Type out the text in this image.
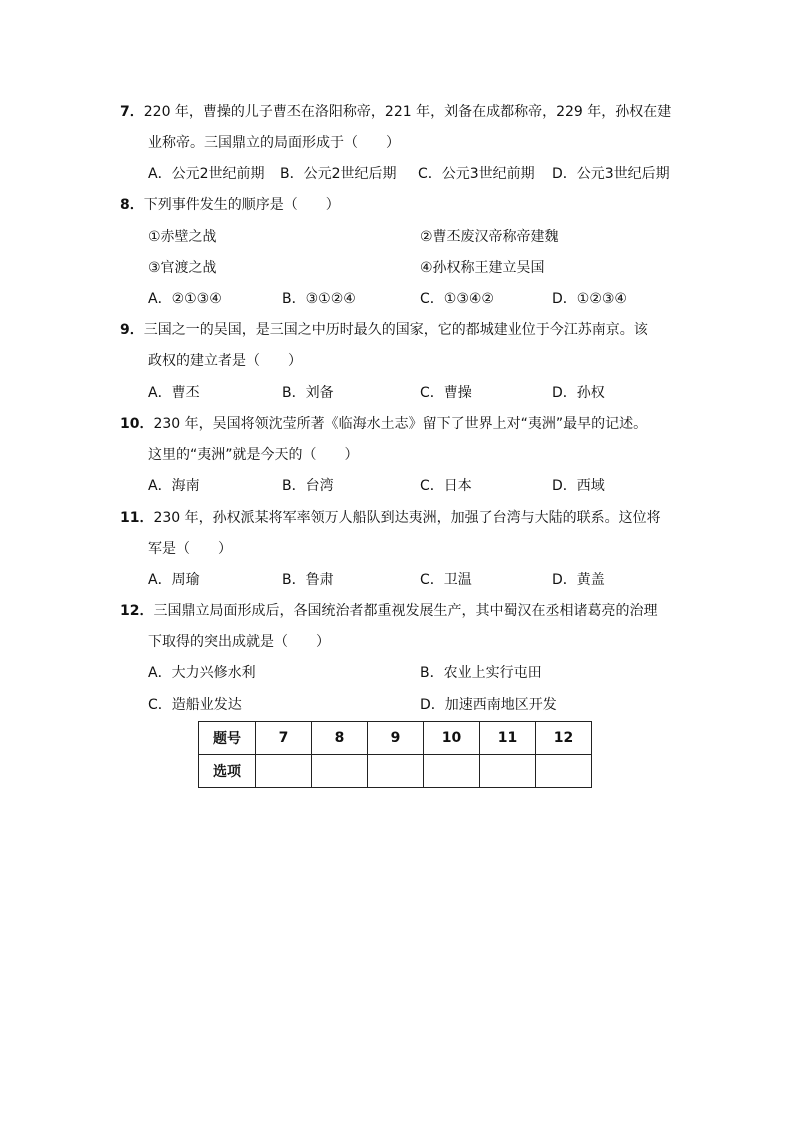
7．220 年，曹操的儿子曹丕在洛阳称帝，221 年，刘备在成都称帝，229 年，孙权在建
业称帝。三国鼎立的局面形成于（　　）
A．公元2世纪前期 B．公元2世纪后期 C．公元3世纪前期 D．公元3世纪后期
8．下列事件发生的顺序是（　　）
①赤壁之战	②曹丕废汉帝称帝建魏
③官渡之战	④孙权称王建立吴国
A．②①③④	B．③①②④	C．①③④②	D．①②③④
9．三国之一的吴国，是三国之中历时最久的国家，它的都城建业位于今江苏南京。该
政权的建立者是（　　）
A．曹丕	B．刘备	C．曹操	D．孙权
10．230 年，吴国将领沈莹所著《临海水土志》留下了世界上对“夷洲”最早的记述。
这里的“夷洲”就是今天的（　　）
A．海南	B．台湾	C．日本	D．西域
11．230 年，孙权派某将军率领万人船队到达夷洲，加强了台湾与大陆的联系。这位将
军是（　　）
A．周瑜	B．鲁肃	C．卫温	D．黄盖
12．三国鼎立局面形成后，各国统治者都重视发展生产，其中蜀汉在丞相诸葛亮的治理
下取得的突出成就是（　　）
A．大力兴修水利	B．农业上实行屯田
C．造船业发达	D．加速西南地区开发
题号	7	8	9	10	11	12
选项						
